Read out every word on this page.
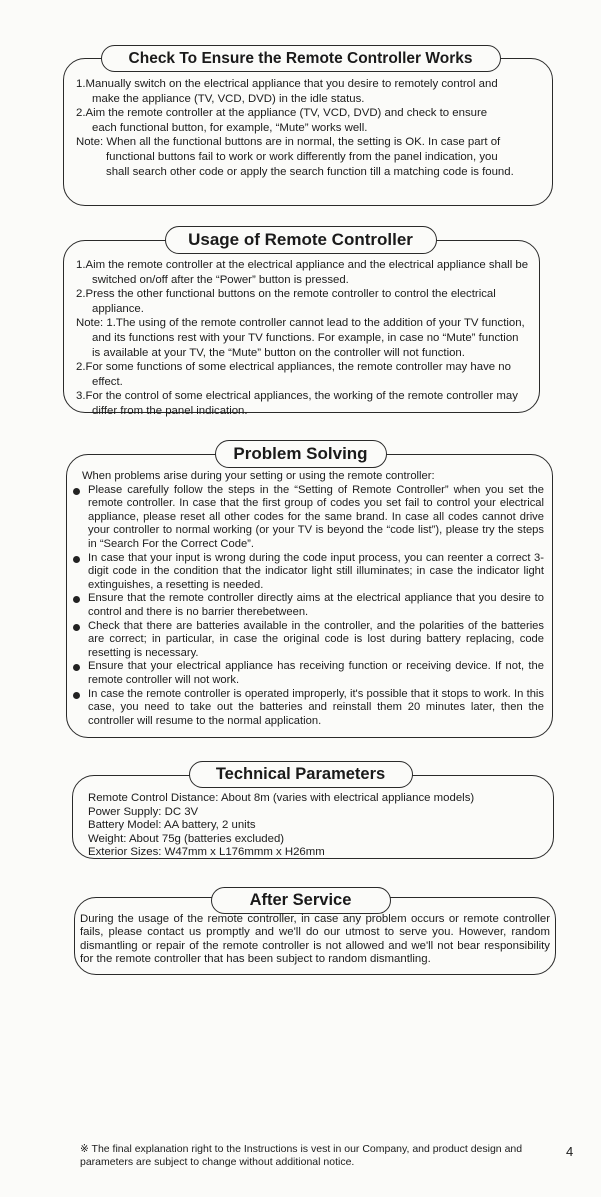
Check To Ensure the Remote Controller Works

1.Manually switch on the electrical appliance that you desire to remotely control and

make the appliance (TV, VCD, DVD) in the idle status.

2.Aim the remote controller at the appliance (TV, VCD, DVD) and check to ensure

each functional button, for example, “Mute” works well.

Note: When all the functional buttons are in normal, the setting is OK. In case part of

functional buttons fail to work or work differently from the panel indication, you

shall search other code or apply the search function till a matching code is found.

Usage of Remote Controller

1.Aim the remote controller at the electrical appliance and the electrical appliance shall be

switched on/off after the “Power” button is pressed.

2.Press the other functional buttons on the remote controller to control the electrical

appliance.

Note: 1.The using of the remote controller cannot lead to the addition of your TV function,

and its functions rest with your TV functions. For example, in case no “Mute” function

is available at your TV, the “Mute” button on the controller will not function.

2.For some functions of some electrical appliances, the remote controller may have no

effect.

3.For the control of some electrical appliances, the working of the remote controller may

differ from the panel indication.

Problem Solving

When problems arise during your setting or using the remote controller:

Please carefully follow the steps in the “Setting of Remote Controller” when you set the remote controller. In case that the first group of codes you set fail to control your electrical appliance, please reset all other codes for the same brand. In case all codes cannot drive your controller to normal working (or your TV is beyond the “code list”), please try the steps in “Search For the Correct Code”.
In case that your input is wrong during the code input process, you can reenter a correct 3-digit code in the condition that the indicator light still illuminates; in case the indicator light extinguishes, a resetting is needed.
Ensure that the remote controller directly aims at the electrical appliance that you desire to control and there is no barrier therebetween.
Check that there are batteries available in the controller, and the polarities of the batteries are correct; in particular, in case the original code is lost during battery replacing, code resetting is necessary.
Ensure that your electrical appliance has receiving function or receiving device. If not, the remote controller will not work.
In case the remote controller is operated improperly, it's possible that it stops to work. In this case, you need to take out the batteries and reinstall them 20 minutes later, then the controller will resume to the normal application.
Technical Parameters

Remote Control Distance: About 8m (varies with electrical appliance models)

Power Supply: DC 3V

Battery Model: AA battery, 2 units

Weight: About 75g (batteries excluded)

Exterior Sizes: W47mm x L176mmm x H26mm

After Service

During the usage of the remote controller, in case any problem occurs or remote controller fails, please contact us promptly and we'll do our utmost to serve you. However, random dismantling or repair of the remote controller is not allowed and we'll not bear responsibility for the remote controller that has been subject to random dismantling.

※ The final explanation right to the Instructions is vest in our Company, and product design and parameters are subject to change without additional notice.
4
